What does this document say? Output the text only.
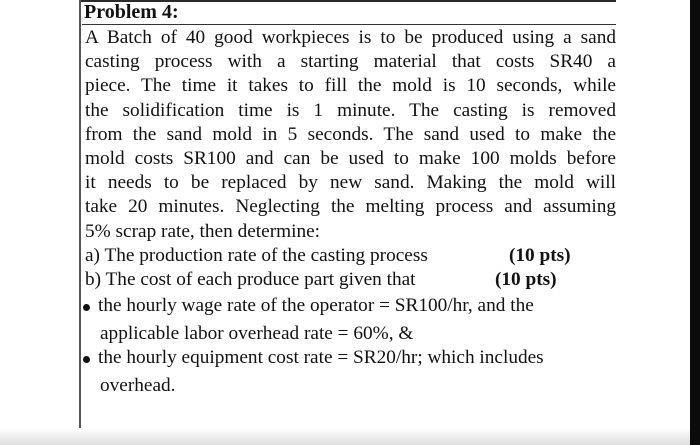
Problem 4:
A Batch of 40 good workpieces is to be produced using a sand
casting process with a starting material that costs SR40 a
piece. The time it takes to fill the mold is 10 seconds, while
the solidification time is 1 minute. The casting is removed
from the sand mold in 5 seconds. The sand used to make the
mold costs SR100 and can be used to make 100 molds before
it needs to be replaced by new sand. Making the mold will
take 20 minutes. Neglecting the melting process and assuming
5% scrap rate, then determine:
a) The production rate of the casting process	(10 pts)
b) The cost of each produce part given that	(10 pts)
the hourly wage rate of the operator = SR100/hr, and the
applicable labor overhead rate = 60%, &
the hourly equipment cost rate = SR20/hr; which includes
overhead.
